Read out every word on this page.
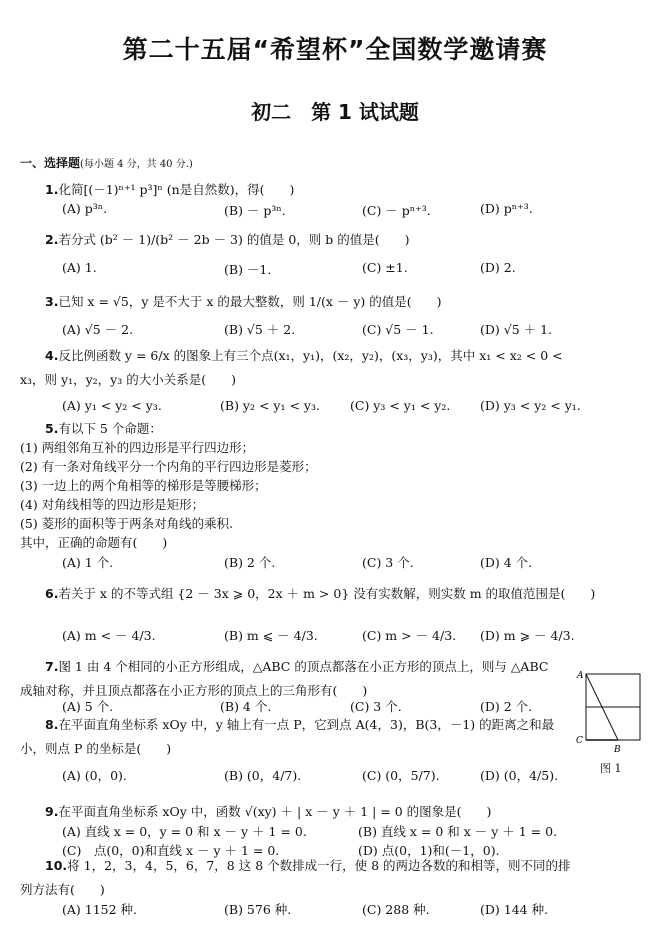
第二十五届“希望杯”全国数学邀请赛
初二　第 1 试试题
一、选择题(每小题 4 分，共 40 分.)
1.化简[(－1)ⁿ⁺¹ p³]ⁿ (n是自然数)，得(　　)
(A) p³ⁿ.	(B) － p³ⁿ.	(C) － pⁿ⁺³.	(D) pⁿ⁺³.
2.若分式 (b² － 1)/(b² － 2b － 3) 的值是 0，则 b 的值是(　　)
(A) 1.	(B) －1.	(C) ±1.	(D) 2.
3.已知 x = √5，y 是不大于 x 的最大整数，则 1/(x － y) 的值是(　　)
(A) √5 － 2.	(B) √5 ＋ 2.	(C) √5 － 1.	(D) √5 ＋ 1.
4.反比例函数 y = 6/x 的图象上有三个点(x₁，y₁)，(x₂，y₂)，(x₃，y₃)，其中 x₁ < x₂ < 0 < x₃，则 y₁，y₂，y₃ 的大小关系是(　　)
(A) y₁ < y₂ < y₃.	(B) y₂ < y₁ < y₃. (C) y₃ < y₁ < y₂. (D) y₃ < y₂ < y₁.
5.有以下 5 个命题：
(1) 两组邻角互补的四边形是平行四边形；
(2) 有一条对角线平分一个内角的平行四边形是菱形；
(3) 一边上的两个角相等的梯形是等腰梯形；
(4) 对角线相等的四边形是矩形；
(5) 菱形的面积等于两条对角线的乘积.
其中，正确的命题有(　　)
(A) 1 个.	(B) 2 个.	(C) 3 个.	(D) 4 个.
6.若关于 x 的不等式组 {2 － 3x ⩾ 0，2x ＋ m > 0} 没有实数解，则实数 m 的取值范围是(　　)
(A) m < － 4/3.	(B) m ⩽ － 4/3.	(C) m > － 4/3. (D) m ⩾ － 4/3.
7.图 1 由 4 个相同的小正方形组成，△ABC 的顶点都落在小正方形的顶点上，则与 △ABC 成轴对称，并且顶点都落在小正方形的顶点上的三角形有(　　)
(A) 5 个.	(B) 4 个.	(C) 3 个.	(D) 2 个.
A
C
B
图 1
8.在平面直角坐标系 xOy 中，y 轴上有一点 P，它到点 A(4，3)，B(3，－1) 的距离之和最小，则点 P 的坐标是(　　)
(A) (0，0).	(B) (0，4/7).	(C) (0，5/7).	(D) (0，4/5).
9.在平面直角坐标系 xOy 中，函数 √(xy) ＋ | x － y ＋ 1 | = 0 的图象是(　　)
(A) 直线 x = 0，y = 0 和 x － y ＋ 1 = 0.	(B) 直线 x = 0 和 x － y ＋ 1 = 0.
(C)　点(0，0)和直线 x － y ＋ 1 = 0.	(D) 点(0，1)和(－1，0).
10.将 1，2，3，4，5，6，7，8 这 8 个数排成一行，使 8 的两边各数的和相等，则不同的排列方法有(　　)
(A) 1152 种.	(B) 576 种.	(C) 288 种.	(D) 144 种.
